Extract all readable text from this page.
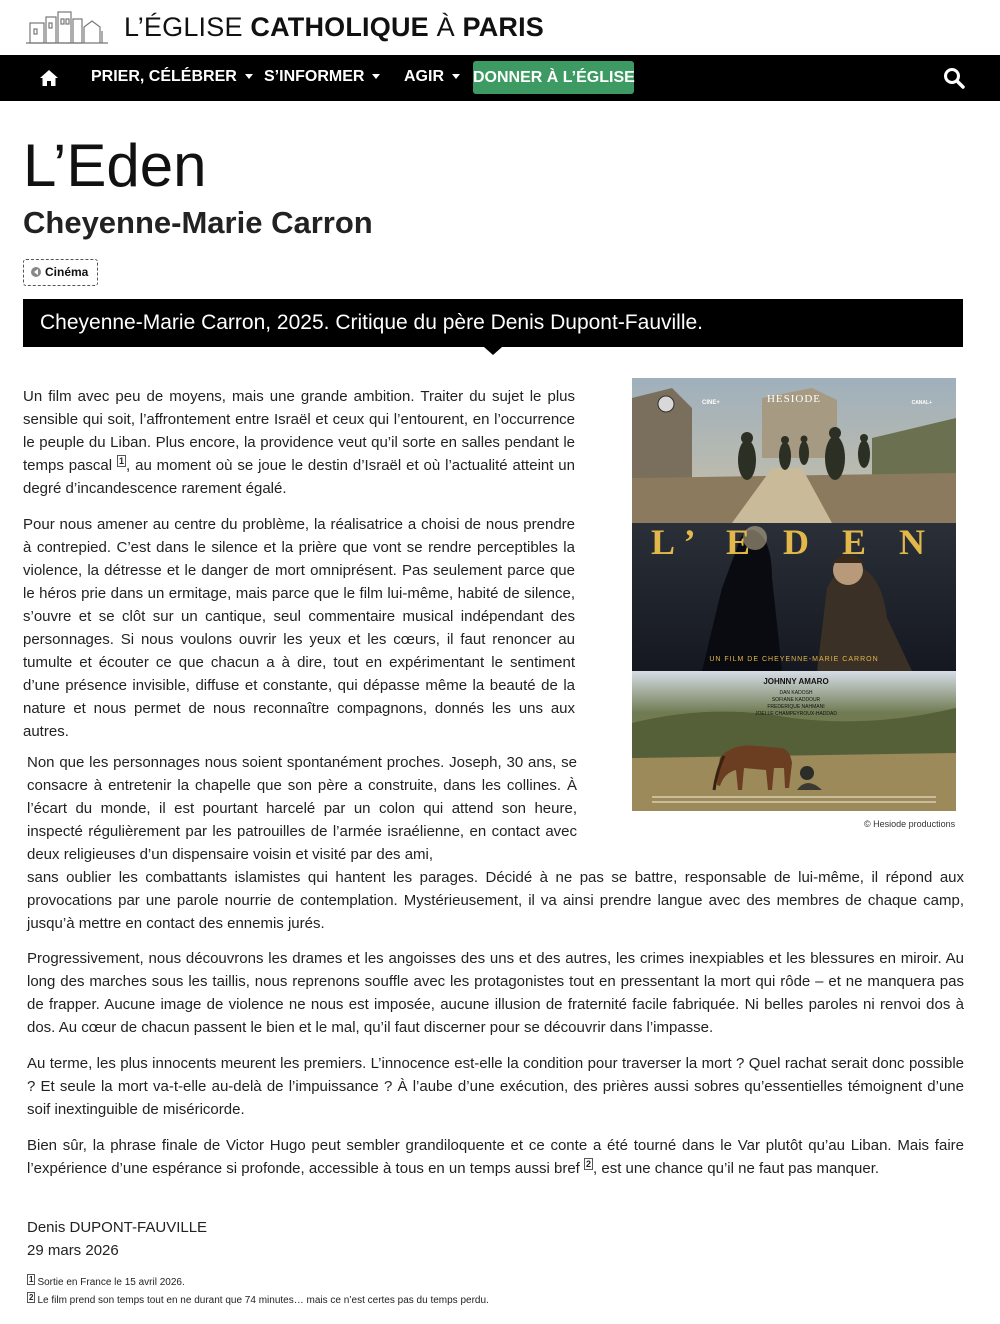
L’ÉGLISE CATHOLIQUE À PARIS
PRIER, CÉLÉBRER	S’INFORMER	AGIR	DONNER À L’ÉGLISE
L’Eden
Cheyenne-Marie Carron
Cinéma
Cheyenne-Marie Carron, 2025. Critique du père Denis Dupont-Fauville.

Un film avec peu de moyens, mais une grande ambition. Traiter du sujet le plus sensible qui soit, l’affrontement entre Israël et ceux qui l’entourent, en l’occurrence le peuple du Liban. Plus encore, la providence veut qu’il sorte en salles pendant le temps pascal $^1$ , au moment où se joue le destin d’Israël et où l’actualité atteint un degré d’incandescence rarement égalé.

Pour nous amener au centre du problème, la réalisatrice a choisi de nous prendre à contrepied. C’est dans le silence et la prière que vont se rendre perceptibles la violence, la détresse et le danger de mort omniprésent. Pas seulement parce que le héros prie dans un ermitage, mais parce que le film lui-même, habité de silence, s’ouvre et se clôt sur un cantique, seul commentaire musical indépendant des personnages. Si nous voulons ouvrir les yeux et les cœurs, il faut renoncer au tumulte et écouter ce que chacun a à dire, tout en expérimentant le sentiment d’une présence invisible, diffuse et constante, qui dépasse même la beauté de la nature et nous permet de nous reconnaître compagnons, donnés les uns aux autres.

Non que les personnages nous soient spontanément proches. Joseph, 30 ans, se consacre à entretenir la chapelle que son père a construite, dans les collines. À l’écart du monde, il est pourtant harcelé par un colon qui attend son heure, inspecté régulièrement par les patrouilles de l’armée israélienne, en contact avec deux religieuses d’un dispensaire voisin et visité par des ami,

sans oublier les combattants islamistes qui hantent les parages. Décidé à ne pas se battre, responsable de lui-même, il répond aux provocations par une parole nourrie de contemplation. Mystérieusement, il va ainsi prendre langue avec des membres de chaque camp, jusqu’à mettre en contact des ennemis jurés.

Progressivement, nous découvrons les drames et les angoisses des uns et des autres, les crimes inexpiables et les blessures en miroir. Au long des marches sous les taillis, nous reprenons souffle avec les protagonistes tout en pressentant la mort qui rôde – et ne manquera pas de frapper. Aucune image de violence ne nous est imposée, aucune illusion de fraternité facile fabriquée. Ni belles paroles ni renvoi dos à dos. Au cœur de chacun passent le bien et le mal, qu’il faut discerner pour se découvrir dans l’impasse.

Au terme, les plus innocents meurent les premiers. L’innocence est-elle la condition pour traverser la mort ? Quel rachat serait donc possible ? Et seule la mort va-t-elle au-delà de l’impuissance ? À l’aube d’une exécution, des prières aussi sobres qu’essentielles témoignent d’une soif inextinguible de miséricorde.

Bien sûr, la phrase finale de Victor Hugo peut sembler grandiloquente et ce conte a été tourné dans le Var plutôt qu’au Liban. Mais faire l’expérience d’une espérance si profonde, accessible à tous en un temps aussi bref $^2$ , est une chance qu’il ne faut pas manquer.

Denis DUPONT-FAUVILLE
29 mars 2026
$^1$ Sortie en France le 15 avril 2026.
$^2$ Le film prend son temps tout en ne durant que 74 minutes… mais ce n’est certes pas du temps perdu.
CINE+	HESIODE	CANAL+
L’ E D E N
UN FILM DE CHEYENNE-MARIE CARRON
JOHNNY AMARO
DAN KADOSH
SOFIANE KADDOUR
FREDERIQUE NAHMANI
JOELLE CHAMPEYROUX-HADDAD
© Hesiode productions
